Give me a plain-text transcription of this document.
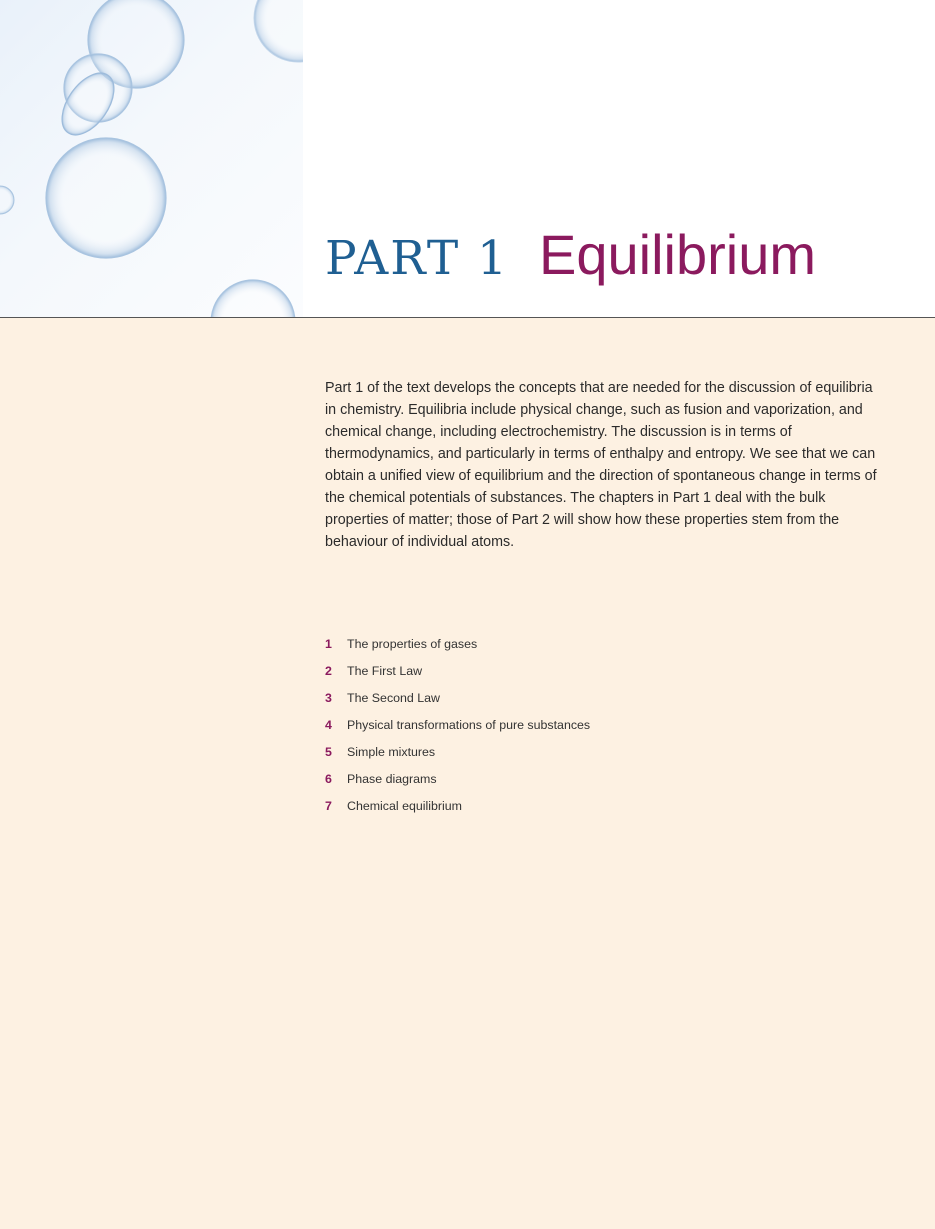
PART 1 Equilibrium

Part 1 of the text develops the concepts that are needed for the discussion of equilibria in chemistry. Equilibria include physical change, such as fusion and vaporization, and chemical change, including electrochemistry. The discussion is in terms of thermodynamics, and particularly in terms of enthalpy and entropy. We see that we can obtain a unified view of equilibrium and the direction of spontaneous change in terms of the chemical potentials of substances. The chapters in Part 1 deal with the bulk properties of matter; those of Part 2 will show how these properties stem from the behaviour of individual atoms.

1 The properties of gases
2 The First Law
3 The Second Law
4 Physical transformations of pure substances
5 Simple mixtures
6 Phase diagrams
7 Chemical equilibrium
